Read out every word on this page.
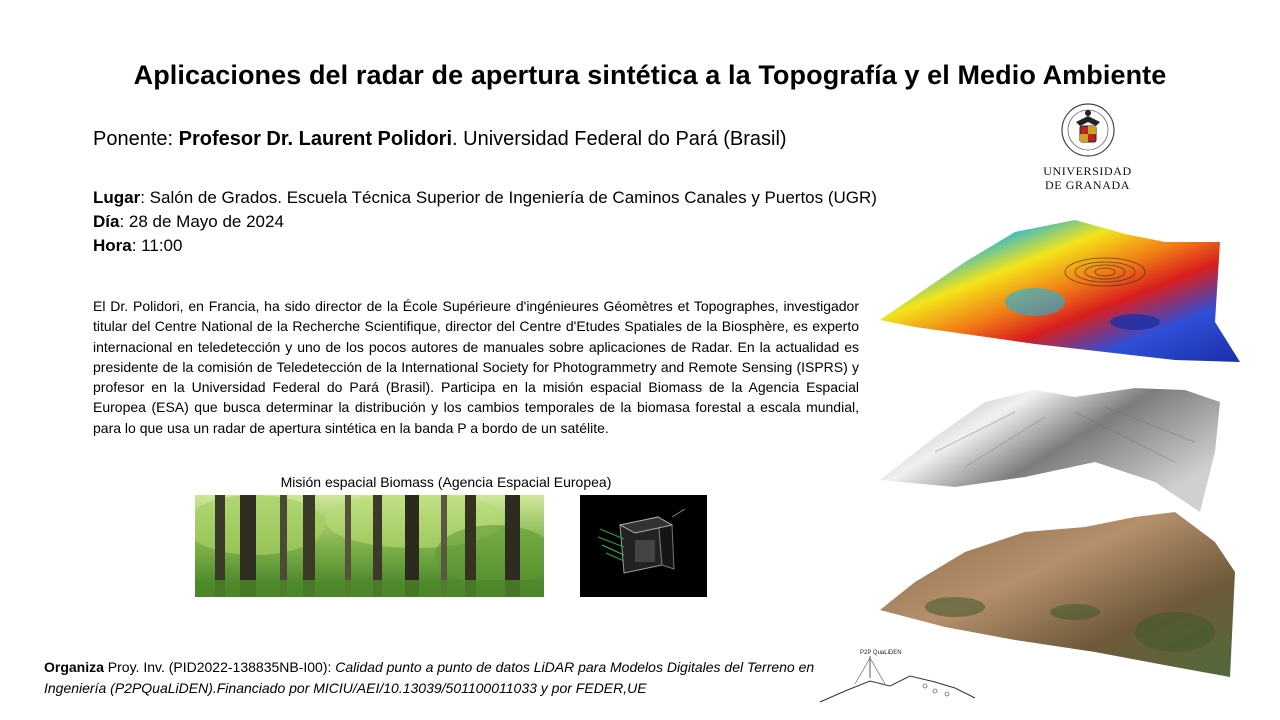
Aplicaciones del radar de apertura sintética a la Topografía y el Medio Ambiente
Ponente: Profesor Dr. Laurent Polidori. Universidad Federal do Pará (Brasil)
Lugar: Salón de Grados. Escuela Técnica Superior de Ingeniería de Caminos Canales y Puertos (UGR)
Día: 28 de Mayo de 2024
Hora: 11:00
El Dr. Polidori, en Francia, ha sido director de la École Supérieure d'ingénieures Géomètres et Topographes, investigador titular del Centre National de la Recherche Scientifique, director del Centre d'Etudes Spatiales de la Biosphère, es experto internacional en teledetección y uno de los pocos autores de manuales sobre aplicaciones de Radar. En la actualidad es presidente de la comisión de Teledetección de la International Society for Photogrammetry and Remote Sensing (ISPRS) y profesor en la Universidad Federal do Pará (Brasil). Participa en la misión espacial Biomass de la Agencia Espacial Europea (ESA) que busca determinar la distribución y los cambios temporales de la biomasa forestal a escala mundial, para lo que usa un radar de apertura sintética en la banda P a bordo de un satélite.
Misión espacial Biomass (Agencia Espacial Europea)
Organiza Proy. Inv. (PID2022-138835NB-I00): Calidad punto a punto de datos LiDAR para Modelos Digitales del Terreno en Ingeniería (P2PQuaLiDEN).Financiado por MICIU/AEI/10.13039/501100011033 y por FEDER,UE
UNIVERSIDAD
DE GRANADA
P2P QuaLiDEN
